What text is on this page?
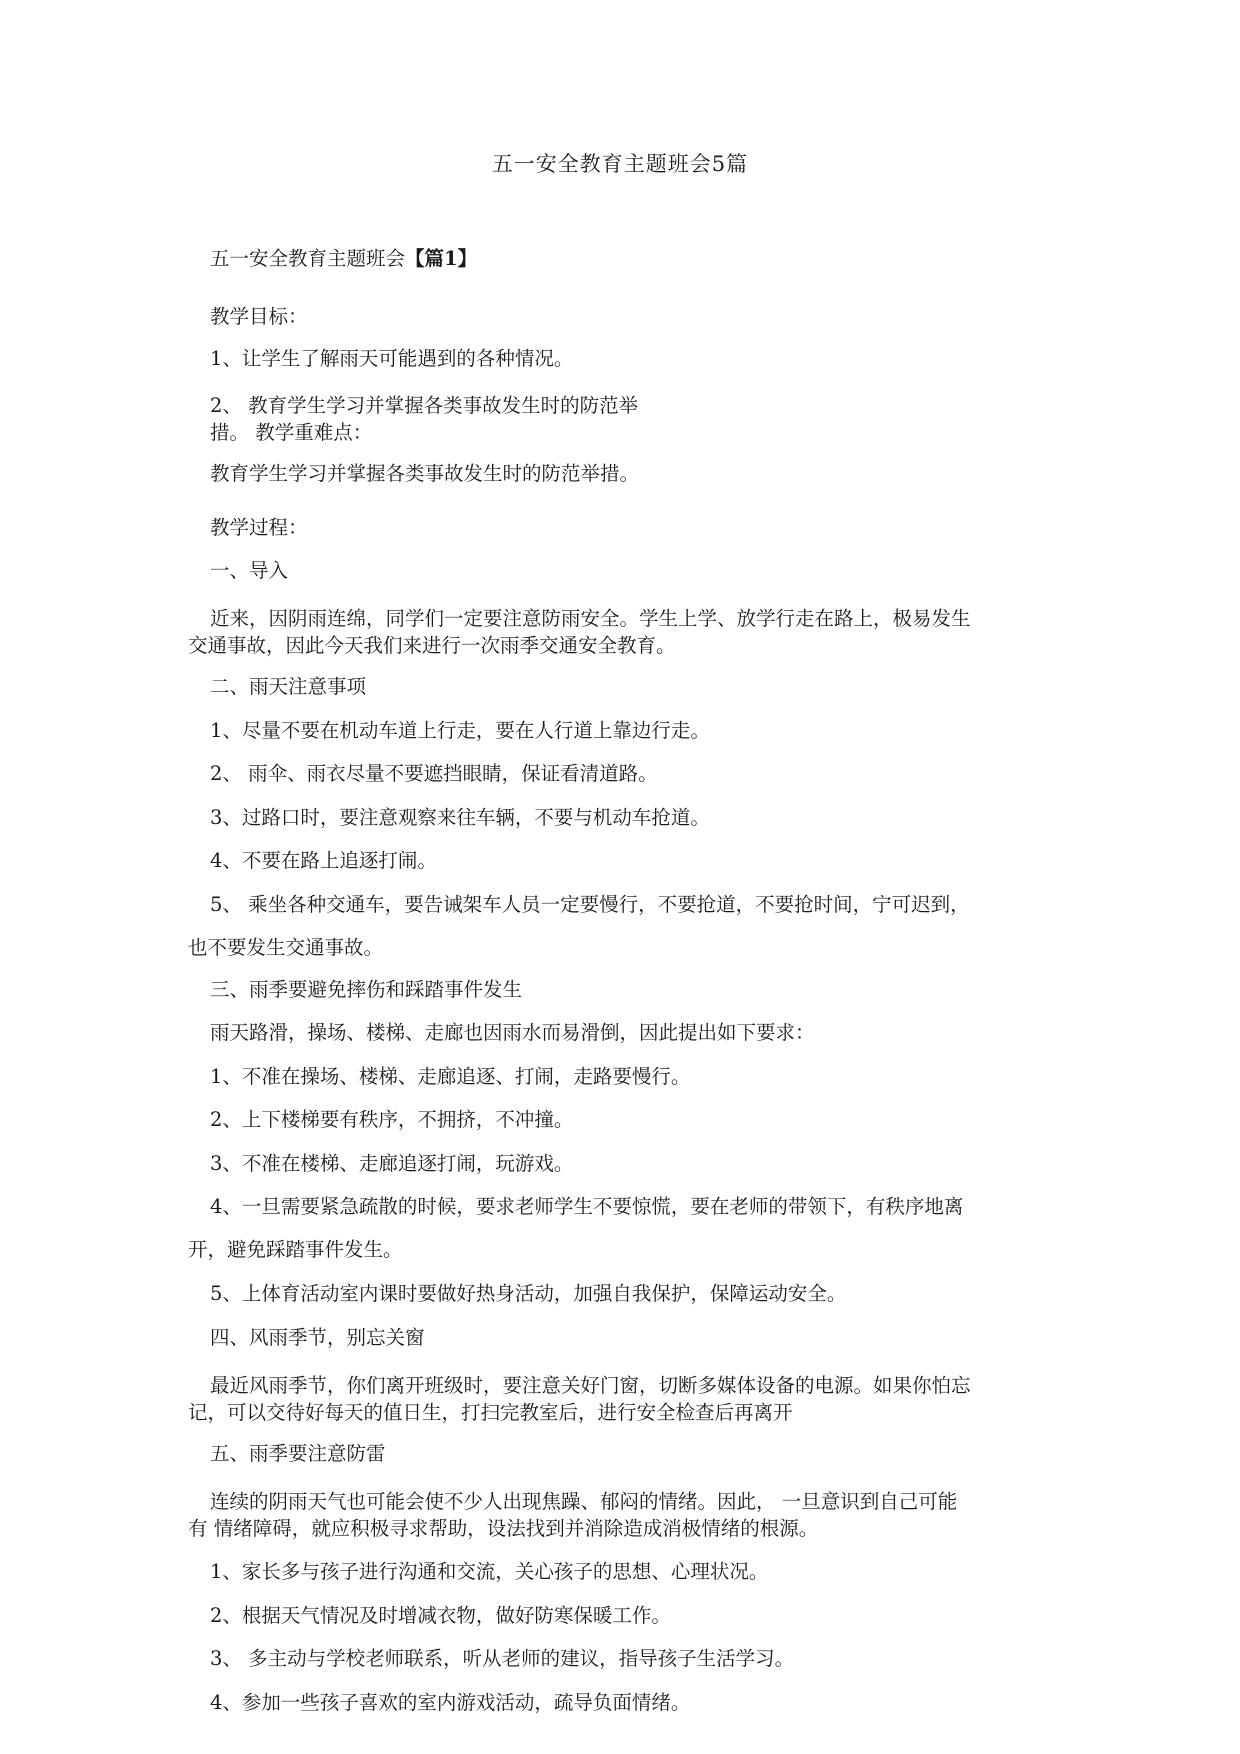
五一安全教育主题班会5篇

五一安全教育主题班会【篇1】

教学目标：

1、让学生了解雨天可能遇到的各种情况。

2、 教育学生学习并掌握各类事故发生时的防范举

措。 教学重难点：

教育学生学习并掌握各类事故发生时的防范举措。

教学过程：

一、导入

近来，因阴雨连绵，同学们一定要注意防雨安全。学生上学、放学行走在路上，极易发生

交通事故，因此今天我们来进行一次雨季交通安全教育。

二、雨天注意事项

1、尽量不要在机动车道上行走，要在人行道上靠边行走。

2、 雨伞、雨衣尽量不要遮挡眼睛，保证看清道路。

3、过路口时，要注意观察来往车辆，不要与机动车抢道。

4、不要在路上追逐打闹。

5、 乘坐各种交通车，要告诫架车人员一定要慢行，不要抢道，不要抢时间，宁可迟到，

也不要发生交通事故。

三、雨季要避免摔伤和踩踏事件发生

雨天路滑，操场、楼梯、走廊也因雨水而易滑倒，因此提出如下要求：

1、不准在操场、楼梯、走廊追逐、打闹，走路要慢行。

2、上下楼梯要有秩序，不拥挤，不冲撞。

3、不准在楼梯、走廊追逐打闹，玩游戏。

4、一旦需要紧急疏散的时候，要求老师学生不要惊慌，要在老师的带领下，有秩序地离

开，避免踩踏事件发生。

5、上体育活动室内课时要做好热身活动，加强自我保护，保障运动安全。

四、风雨季节，别忘关窗

最近风雨季节，你们离开班级时，要注意关好门窗，切断多媒体设备的电源。如果你怕忘

记，可以交待好每天的值日生，打扫完教室后，进行安全检查后再离开

五、雨季要注意防雷

连续的阴雨天气也可能会使不少人出现焦躁、郁闷的情绪。因此， 一旦意识到自己可能

有 情绪障碍，就应积极寻求帮助，设法找到并消除造成消极情绪的根源。

1、家长多与孩子进行沟通和交流，关心孩子的思想、心理状况。

2、根据天气情况及时增减衣物，做好防寒保暖工作。

3、 多主动与学校老师联系，听从老师的建议，指导孩子生活学习。

4、参加一些孩子喜欢的室内游戏活动，疏导负面情绪。
